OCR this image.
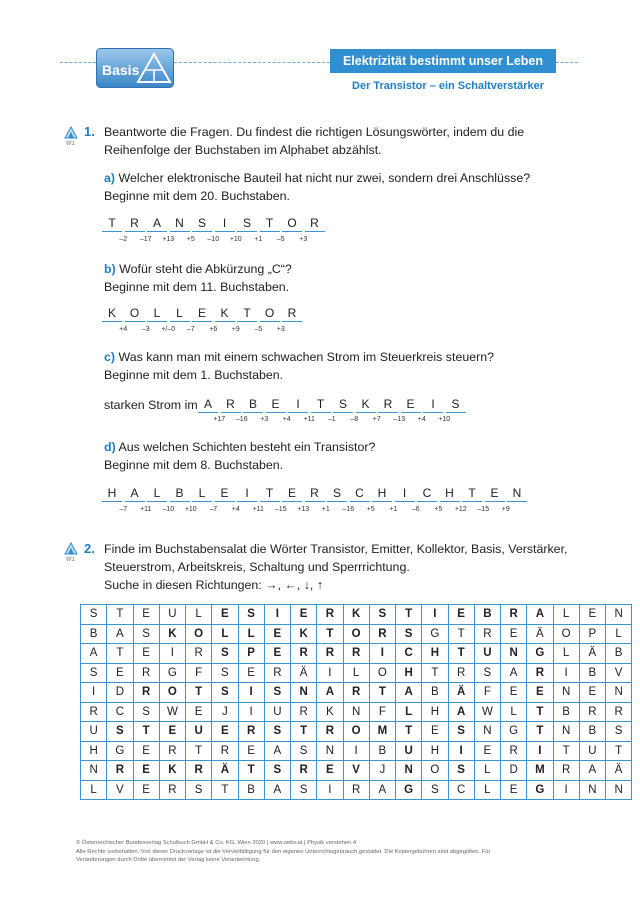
Basis
Elektrizität bestimmt unser Leben
Der Transistor – ein Schaltverstärker
W1
1. Beantworte die Fragen. Du findest die richtigen Lösungswörter, indem du die
Reihenfolge der Buchstaben im Alphabet abzählst.
a) Welcher elektronische Bauteil hat nicht nur zwei, sondern drei Anschlüsse?
Beginne mit dem 20. Buchstaben.
T	R	A	N	S	I	S	T	O	R
–2	–17	+13	+5	–10	+10	+1	–5	+3
b) Wofür steht die Abkürzung „C“?
Beginne mit dem 11. Buchstaben.
K	O	L	L	E	K	T	O	R
+4	–3	+/–0	–7	+6	+9	–5	+3
c) Was kann man mit einem schwachen Strom im Steuerkreis steuern?
Beginne mit dem 1. Buchstaben.
starken Strom im A	R	B	E	I	T	S	K	R	E	I	S
+17	–16	+3	+4	+11	–1	–8	+7	–13	+4	+10
d) Aus welchen Schichten besteht ein Transistor?
Beginne mit dem 8. Buchstaben.
H	A	L	B	L	E	I	T	E	R	S	C	H	I	C	H	T	E	N
–7	+11	–10	+10	–7	+4	+11	–15	+13	+1	–16	+5	+1	–6	+5	+12	–15	+9
W1
2. Finde im Buchstabensalat die Wörter Transistor, Emitter, Kollektor, Basis, Verstärker,
Steuerstrom, Arbeitskreis, Schaltung und Sperrrichtung.
Suche in diesen Richtungen: →, ←, ↓, ↑
S	T	E	U	L	E	S	I	E	R	K	S	T	I	E	B	R	A	L	E	N
B	A	S	K	O	L	L	E	K	T	O	R	S	G	T	R	E	Ä	O	P	L
A	T	E	I	R	S	P	E	R	R	R	I	C	H	T	U	N	G	L	Ä	B
S	E	R	G	F	S	E	R	Ä	I	L	O	H	T	R	S	A	R	I	B	V
I	D	R	O	T	S	I	S	N	A	R	T	A	B	Ä	F	E	E	N	E	N
R	C	S	W	E	J	I	U	R	K	N	F	L	H	A	W	L	T	B	R	R
U	S	T	E	U	E	R	S	T	R	O	M	T	E	S	N	G	T	N	B	S
H	G	E	R	T	R	E	A	S	N	I	B	U	H	I	E	R	I	T	U	T
N	R	E	K	R	Ä	T	S	R	E	V	J	N	O	S	L	D	M	R	A	Ä
L	V	E	R	S	T	B	A	S	I	R	A	G	S	C	L	E	G	I	N	N
© Österreichischer Bundesverlag Schulbuch GmbH & Co. KG, Wien 2020 | www.oebv.at | Physik verstehen 4
Alle Rechte vorbehalten. Von dieser Druckvorlage ist die Vervielfältigung für den eigenen Unterrichtsgebrauch gestattet. Die Kopiergebühren sind abgegolten. Für
Veränderungen durch Dritte übernimmt der Verlag keine Verantwortung.
